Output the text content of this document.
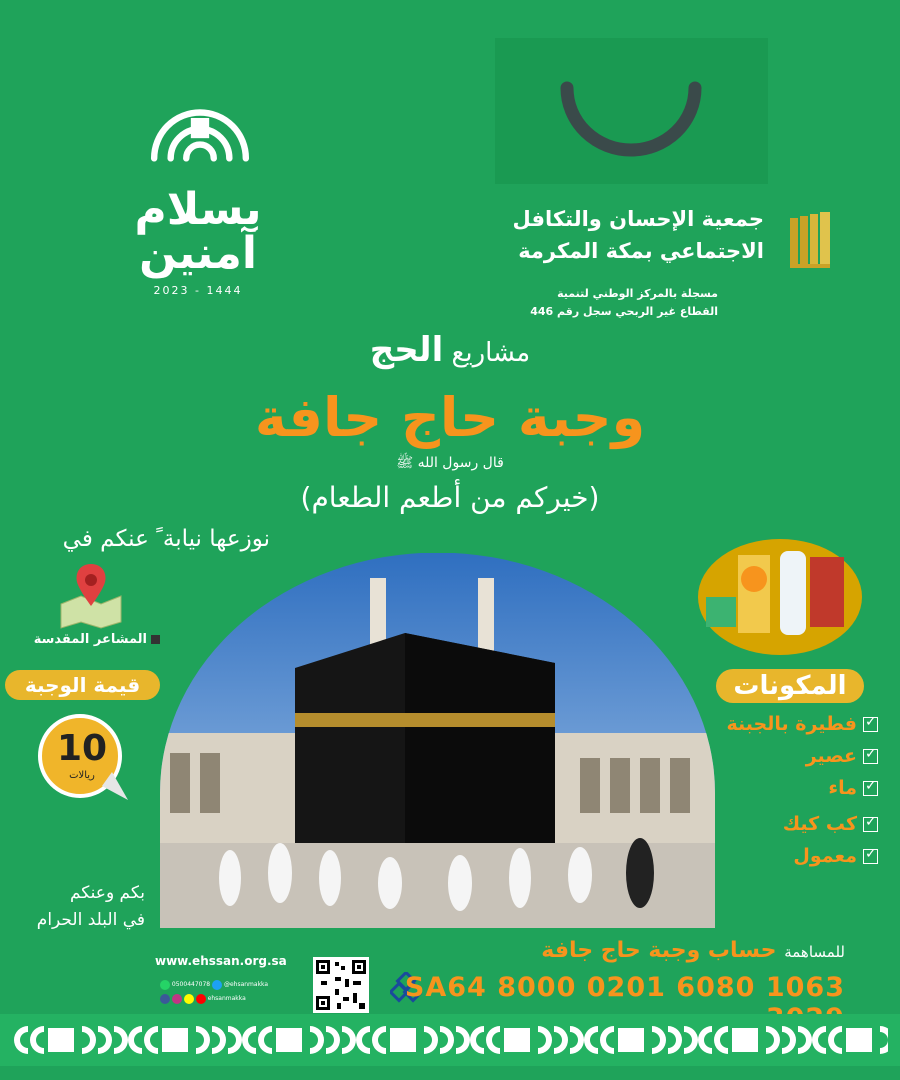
بسلام آمنين
2023 - 1444
جمعية الإحسان والتكافل
الاجتماعي بمكة المكرمة
مسجلة بالمركز الوطني لتنمية
القطاع غير الربحي سجل رقم 446
مشاريع الحج
وجبة حاج جافة
قال رسول الله ﷺ
(خيركم من أطعم الطعام)
نوزعها نيابة ً عنكم في
المشاعر المقدسة
قيمة الوجبة
10
ريالات
بكم وعنكم
في البلد الحرام
المكونات
✓فطيرة بالجبنة
✓عصير
✓ماء
✓كب كيك
✓معمول
www.ehssan.org.sa
0500447078 @ehsanmakka
ehsanmakka
للمساهمة حساب وجبة حاج جافة
SA64 8000 0201 6080 1063
